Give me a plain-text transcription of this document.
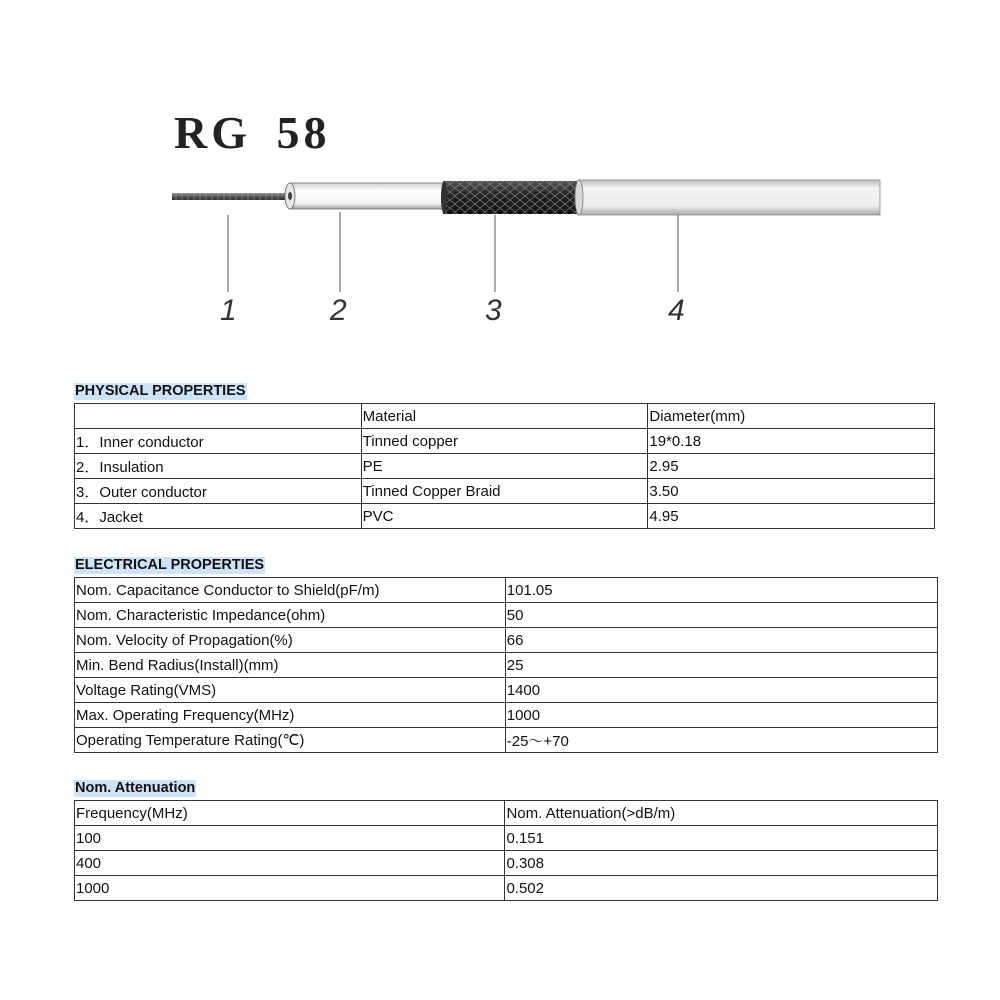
RG 58
1	2	3	4
PHYSICAL PROPERTIES
	Material	Diameter(mm)
1．Inner conductor	Tinned copper	19*0.18
2．Insulation	PE	2.95
3．Outer conductor	Tinned Copper Braid	3.50
4．Jacket	PVC	4.95
ELECTRICAL PROPERTIES
Nom. Capacitance Conductor to Shield(pF/m)	101.05
Nom. Characteristic Impedance(ohm)	50
Nom. Velocity of Propagation(%)	66
Min. Bend Radius(Install)(mm)	25
Voltage Rating(VMS)	1400
Max. Operating Frequency(MHz)	1000
Operating Temperature Rating(℃)	-25～+70
Nom. Attenuation
Frequency(MHz)	Nom. Attenuation(>dB/m)
100	0.151
400	0.308
1000	0.502
